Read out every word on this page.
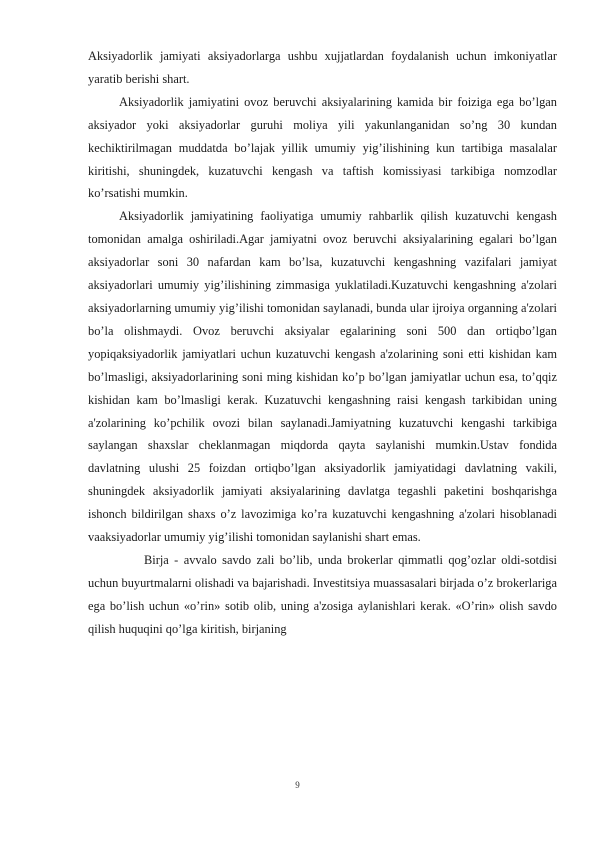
Aksiyadorlik jamiyati aksiyadorlarga ushbu xujjatlardan foydalanish uchun imkoniyatlar yaratib berishi shart.

Aksiyadorlik jamiyatini ovoz beruvchi aksiyalarining kamida bir foiziga ega bo’lgan aksiyador yoki aksiyadorlar guruhi moliya yili yakunlanganidan so’ng 30 kundan kechiktirilmagan muddatda bo’lajak yillik umumiy yig’ilishining kun tartibiga masalalar kiritishi, shuningdek, kuzatuvchi kengash va taftish komissiyasi tarkibiga nomzodlar ko’rsatishi mumkin.

Aksiyadorlik jamiyatining faoliyatiga umumiy rahbarlik qilish kuzatuvchi kengash tomonidan amalga oshiriladi.Agar jamiyatni ovoz beruvchi aksiyalarining egalari bo’lgan aksiyadorlar soni 30 nafardan kam bo’lsa, kuzatuvchi kengashning vazifalari jamiyat aksiyadorlari umumiy yig’ilishining zimmasiga yuklatiladi.Kuzatuvchi kengashning a'zolari aksiyadorlarning umumiy yig’ilishi tomonidan saylanadi, bunda ular ijroiya organning a'zolari bo’la olishmaydi. Ovoz beruvchi aksiyalar egalarining soni 500 dan ortiqbo’lgan yopiqaksiyadorlik jamiyatlari uchun kuzatuvchi kengash a'zolarining soni etti kishidan kam bo’lmasligi, aksiyadorlarining soni ming kishidan ko’p bo’lgan jamiyatlar uchun esa, to’qqiz kishidan kam bo’lmasligi kerak. Kuzatuvchi kengashning raisi kengash tarkibidan uning a'zolarining ko’pchilik ovozi bilan saylanadi.Jamiyatning kuzatuvchi kengashi tarkibiga saylangan shaxslar cheklanmagan miqdorda qayta saylanishi mumkin.Ustav fondida davlatning ulushi 25 foizdan ortiqbo’lgan aksiyadorlik jamiyatidagi davlatning vakili, shuningdek aksiyadorlik jamiyati aksiyalarining davlatga tegashli paketini boshqarishga ishonch bildirilgan shaxs o’z lavozimiga ko’ra kuzatuvchi kengashning a'zolari hisoblanadi vaaksiyadorlar umumiy yig’ilishi tomonidan saylanishi shart emas.

Birja - avvalo savdo zali bo’lib, unda brokerlar qimmatli qog’ozlar oldi-sotdisi uchun buyurtmalarni olishadi va bajarishadi. Investitsiya muassasalari birjada o’z brokerlariga ega bo’lish uchun «o’rin» sotib olib, uning a'zosiga aylanishlari kerak. «O’rin» olish savdo qilish huquqini qo’lga kiritish, birjaning

9
